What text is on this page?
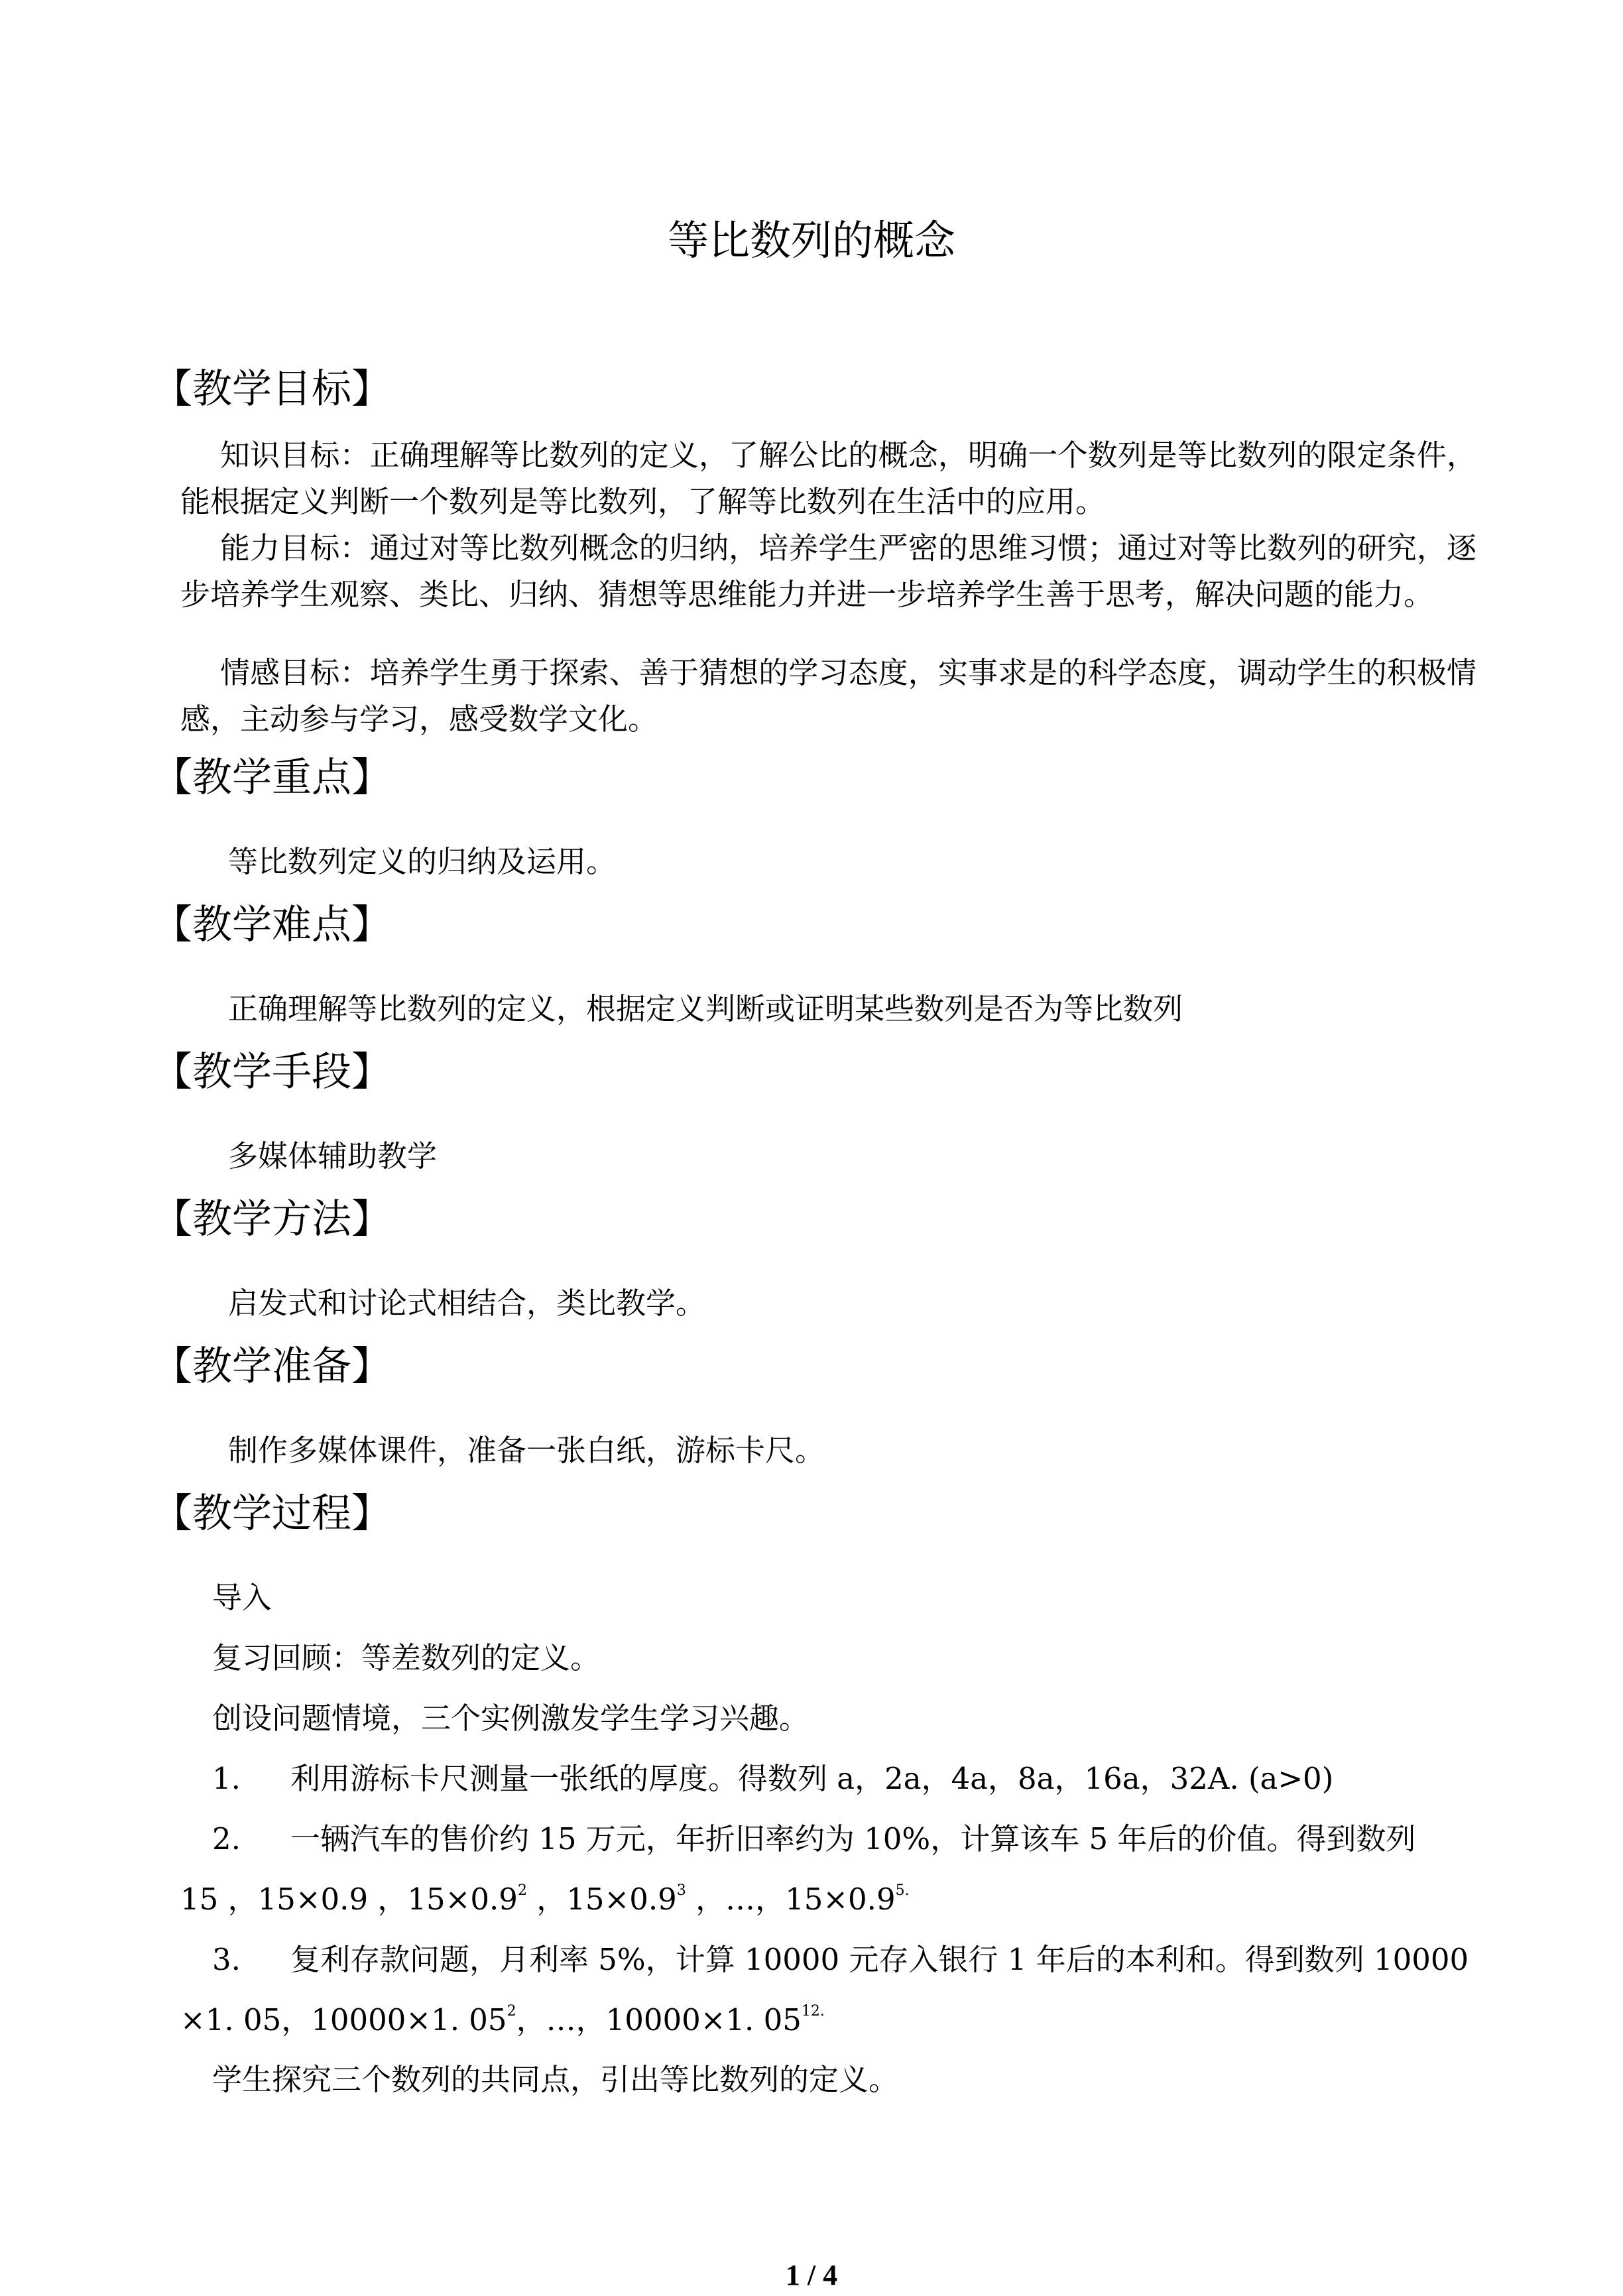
等比数列的概念
【教学目标】
知识目标：正确理解等比数列的定义，了解公比的概念，明确一个数列是等比数列的限定条件，能根据定义判断一个数列是等比数列，了解等比数列在生活中的应用。
能力目标：通过对等比数列概念的归纳，培养学生严密的思维习惯；通过对等比数列的研究，逐步培养学生观察、类比、归纳、猜想等思维能力并进一步培养学生善于思考，解决问题的能力。
情感目标：培养学生勇于探索、善于猜想的学习态度，实事求是的科学态度，调动学生的积极情感，主动参与学习，感受数学文化。
【教学重点】
等比数列定义的归纳及运用。
【教学难点】
正确理解等比数列的定义，根据定义判断或证明某些数列是否为等比数列
【教学手段】
多媒体辅助教学
【教学方法】
启发式和讨论式相结合，类比教学。
【教学准备】
制作多媒体课件，准备一张白纸，游标卡尺。
【教学过程】
导入
复习回顾：等差数列的定义。
创设问题情境，三个实例激发学生学习兴趣。
1. 利用游标卡尺测量一张纸的厚度。得数列 a，2a，4a，8a，16a，32A. (a>0)
2. 一辆汽车的售价约 15 万元，年折旧率约为 10%，计算该车 5 年后的价值。得到数列
15 ，15×0.9 ，$15\times 0.9^2$ ，$15\times 0.9^3$ ，…，$15\times 0.9^{5.}$
3. 复利存款问题，月利率 5%，计算 10000 元存入银行 1 年后的本利和。得到数列 10000
×1. 05，10000×1. $05^2$，…，10000×1. $05^{12.}$
学生探究三个数列的共同点，引出等比数列的定义。
1 / 4
